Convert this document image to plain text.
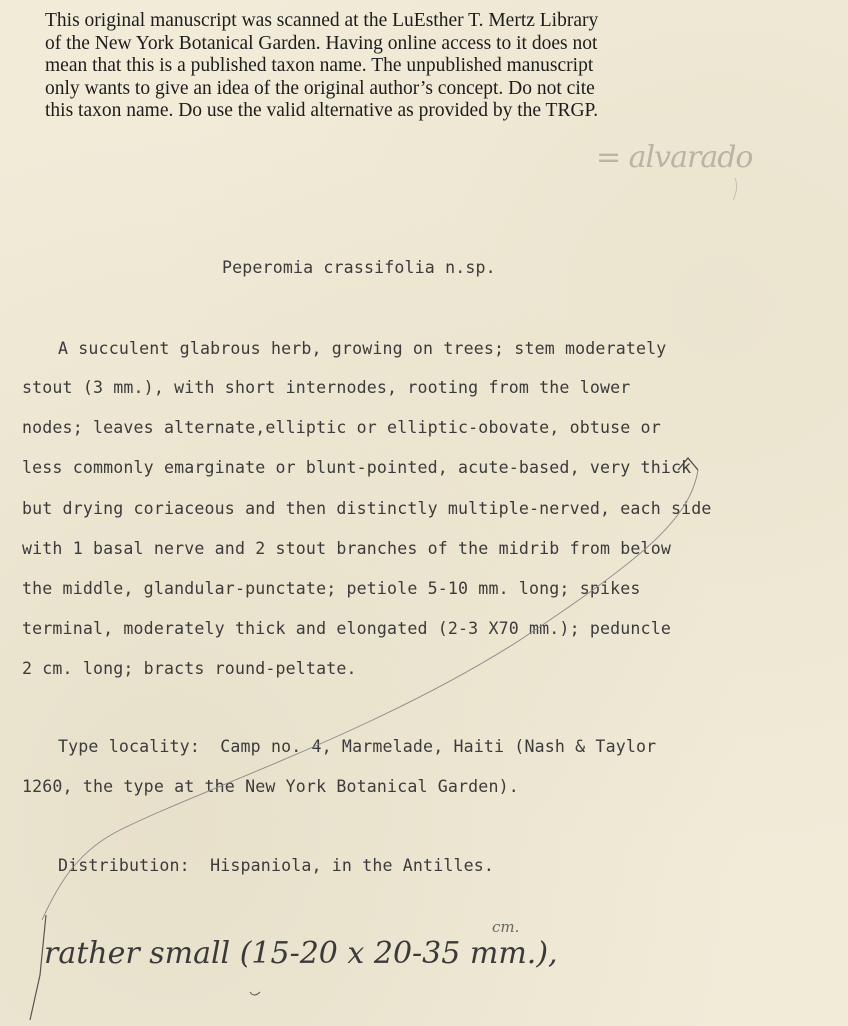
This original manuscript was scanned at the LuEsther T. Mertz Library
of the New York Botanical Garden. Having online access to it does not
mean that this is a published taxon name. The unpublished manuscript
only wants to give an idea of the original author’s concept. Do not cite
this taxon name. Do use the valid alternative as provided by the TRGP.
= alvarado
Peperomia crassifolia n.sp.
A succulent glabrous herb, growing on trees; stem moderately
stout (3 mm.), with short internodes, rooting from the lower
nodes; leaves alternate,elliptic or elliptic-obovate, obtuse or
less commonly emarginate or blunt-pointed, acute-based, very thick
but drying coriaceous and then distinctly multiple-nerved, each side
with 1 basal nerve and 2 stout branches of the midrib from below
the middle, glandular-punctate; petiole 5-10 mm. long; spikes
terminal, moderately thick and elongated (2-3 X70 mm.); peduncle
2 cm. long; bracts round-peltate.
Type locality:  Camp no. 4, Marmelade, Haiti (Nash & Taylor
1260, the type at the New York Botanical Garden).
Distribution:  Hispaniola, in the Antilles.
rather small (15-20 x 20-35 mm.),
cm.
